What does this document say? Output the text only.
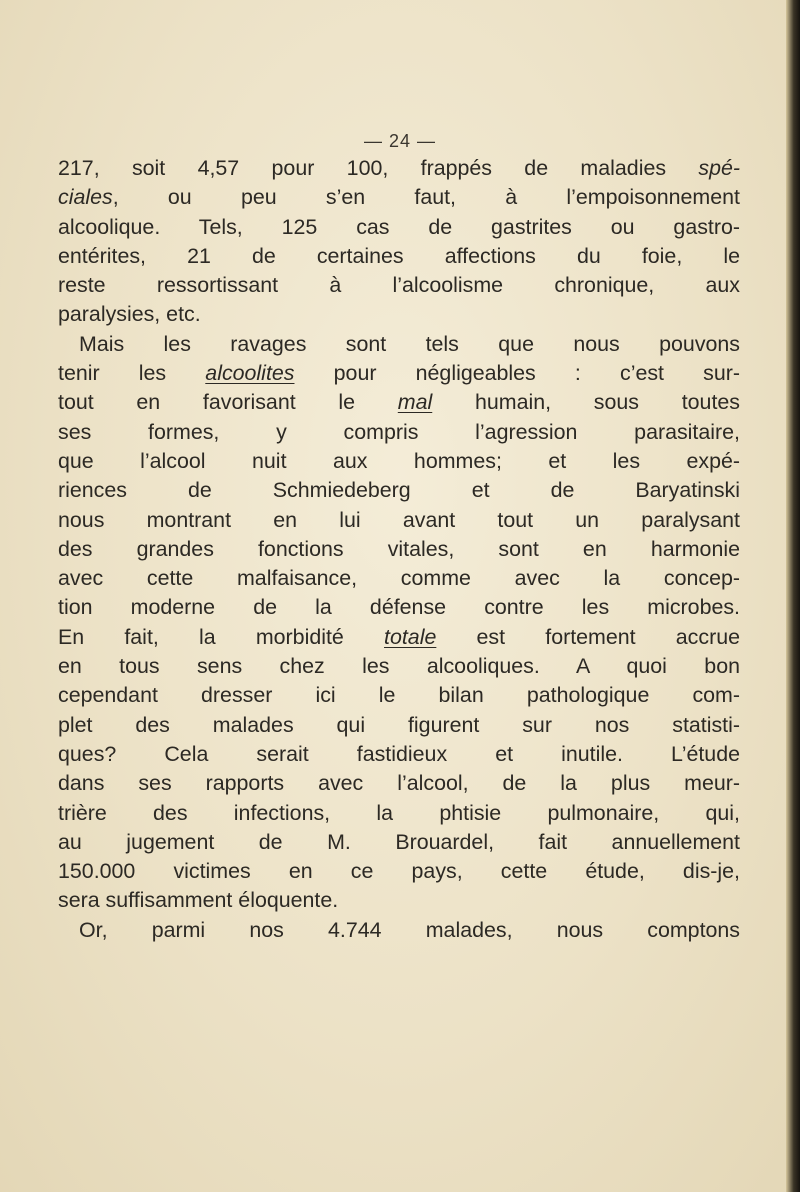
— 24 —
217, soit 4,57 pour 100, frappés de maladies spé-
ciales, ou peu s’en faut, à l’empoisonnement
alcoolique. Tels, 125 cas de gastrites ou gastro-
entérites, 21 de certaines affections du foie, le
reste ressortissant à l’alcoolisme chronique, aux
paralysies, etc.
Mais les ravages sont tels que nous pouvons
tenir les alcoolites pour négligeables : c’est sur-
tout en favorisant le mal humain, sous toutes
ses formes, y compris l’agression parasitaire,
que l’alcool nuit aux hommes; et les expé-
riences de Schmiedeberg et de Baryatinski
nous montrant en lui avant tout un paralysant
des grandes fonctions vitales, sont en harmonie
avec cette malfaisance, comme avec la concep-
tion moderne de la défense contre les microbes.
En fait, la morbidité totale est fortement accrue
en tous sens chez les alcooliques. A quoi bon
cependant dresser ici le bilan pathologique com-
plet des malades qui figurent sur nos statisti-
ques? Cela serait fastidieux et inutile. L’étude
dans ses rapports avec l’alcool, de la plus meur-
trière des infections, la phtisie pulmonaire, qui,
au jugement de M. Brouardel, fait annuellement
150.000 victimes en ce pays, cette étude, dis-je,
sera suffisamment éloquente.
Or, parmi nos 4.744 malades, nous comptons
